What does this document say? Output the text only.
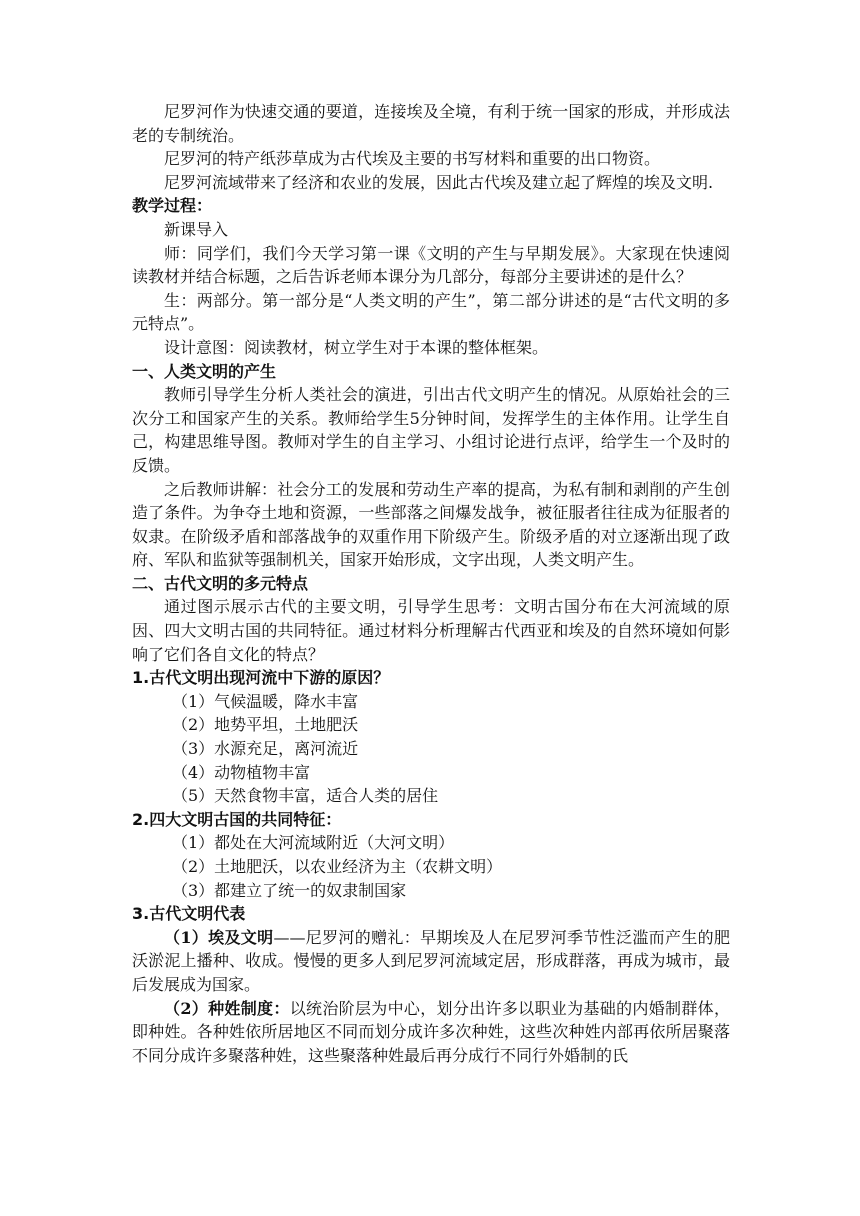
尼罗河作为快速交通的要道，连接埃及全境，有利于统一国家的形成，并形成法老的专制统治。

尼罗河的特产纸莎草成为古代埃及主要的书写材料和重要的出口物资。

尼罗河流域带来了经济和农业的发展，因此古代埃及建立起了辉煌的埃及文明.

教学过程：

新课导入

师：同学们，我们今天学习第一课《文明的产生与早期发展》。大家现在快速阅读教材并结合标题，之后告诉老师本课分为几部分，每部分主要讲述的是什么？

生：两部分。第一部分是“人类文明的产生”，第二部分讲述的是“古代文明的多元特点”。

设计意图：阅读教材，树立学生对于本课的整体框架。

一、人类文明的产生

教师引导学生分析人类社会的演进，引出古代文明产生的情况。从原始社会的三次分工和国家产生的关系。教师给学生5分钟时间，发挥学生的主体作用。让学生自己，构建思维导图。教师对学生的自主学习、小组讨论进行点评，给学生一个及时的反馈。

之后教师讲解：社会分工的发展和劳动生产率的提高，为私有制和剥削的产生创造了条件。为争夺土地和资源，一些部落之间爆发战争，被征服者往往成为征服者的奴隶。在阶级矛盾和部落战争的双重作用下阶级产生。阶级矛盾的对立逐渐出现了政府、军队和监狱等强制机关，国家开始形成，文字出现，人类文明产生。

二、古代文明的多元特点

通过图示展示古代的主要文明，引导学生思考：文明古国分布在大河流域的原因、四大文明古国的共同特征。通过材料分析理解古代西亚和埃及的自然环境如何影响了它们各自文化的特点？

1.古代文明出现河流中下游的原因？

（1）气候温暖，降水丰富

（2）地势平坦，土地肥沃

（3）水源充足，离河流近

（4）动物植物丰富

（5）天然食物丰富，适合人类的居住

2.四大文明古国的共同特征：

（1）都处在大河流域附近（大河文明）

（2）土地肥沃，以农业经济为主（农耕文明）

（3）都建立了统一的奴隶制国家

3.古代文明代表

（1）埃及文明——尼罗河的赠礼：早期埃及人在尼罗河季节性泛滥而产生的肥沃淤泥上播种、收成。慢慢的更多人到尼罗河流域定居，形成群落，再成为城市，最后发展成为国家。

（2）种姓制度：以统治阶层为中心，划分出许多以职业为基础的内婚制群体，即种姓。各种姓依所居地区不同而划分成许多次种姓，这些次种姓内部再依所居聚落不同分成许多聚落种姓，这些聚落种姓最后再分成行不同行外婚制的氏
